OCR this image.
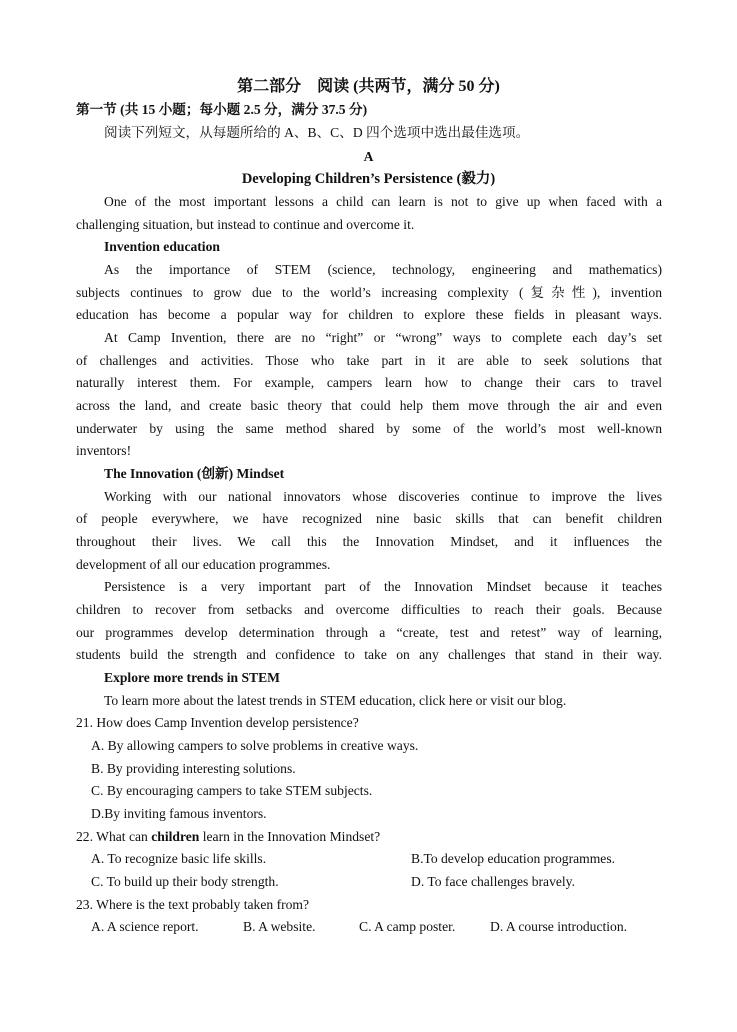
第二部分　阅读 (共两节，满分 50 分)
第一节 (共 15 小题；每小题 2.5 分，满分 37.5 分)
阅读下列短文，从每题所给的 A、B、C、D 四个选项中选出最佳选项。
A
Developing Children’s Persistence (毅力)
One of the most important lessons a child can learn is not to give up when faced with a
challenging situation, but instead to continue and overcome it.
Invention education
As the importance of STEM (science, technology, engineering and mathematics)
subjects continues to grow due to the world’s increasing complexity (复杂性), invention
education has become a popular way for children to explore these fields in pleasant ways.
At Camp Invention, there are no “right” or “wrong” ways to complete each day’s set
of challenges and activities. Those who take part in it are able to seek solutions that
naturally interest them. For example, campers learn how to change their cars to travel
across the land, and create basic theory that could help them move through the air and even
underwater by using the same method shared by some of the world’s most well-known
inventors!
The Innovation (创新) Mindset
Working with our national innovators whose discoveries continue to improve the lives
of people everywhere, we have recognized nine basic skills that can benefit children
throughout their lives. We call this the Innovation Mindset, and it influences the
development of all our education programmes.
Persistence is a very important part of the Innovation Mindset because it teaches
children to recover from setbacks and overcome difficulties to reach their goals. Because
our programmes develop determination through a “create, test and retest” way of learning,
students build the strength and confidence to take on any challenges that stand in their way.
Explore more trends in STEM
To learn more about the latest trends in STEM education, click here or visit our blog.
21. How does Camp Invention develop persistence?
A. By allowing campers to solve problems in creative ways.
B. By providing interesting solutions.
C. By encouraging campers to take STEM subjects.
D.By inviting famous inventors.
22. What can children learn in the Innovation Mindset?
A. To recognize basic life skills.	B.To develop education programmes.
C. To build up their body strength.	D. To face challenges bravely.
23. Where is the text probably taken from?
A. A science report.	B. A website.	C. A camp poster.	D. A course introduction.
